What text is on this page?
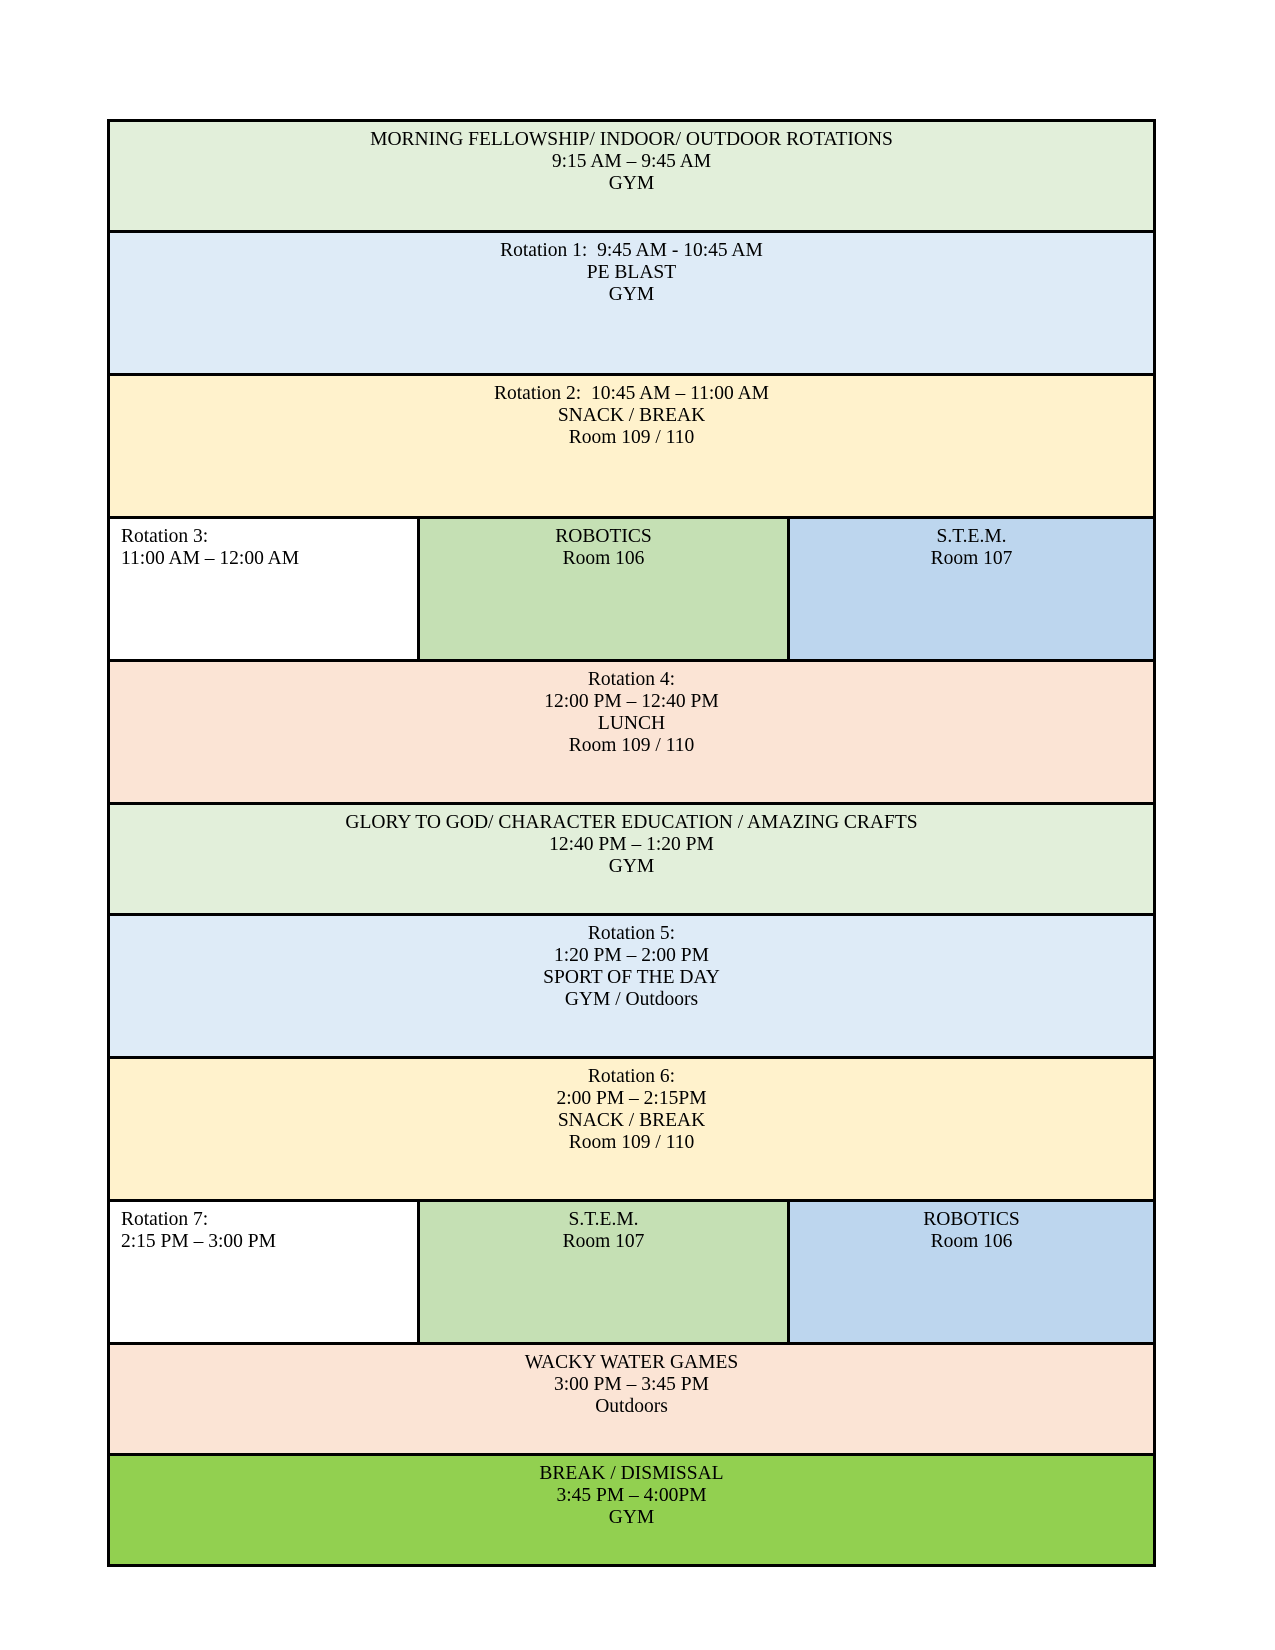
MORNING FELLOWSHIP/ INDOOR/ OUTDOOR ROTATIONS
9:15 AM – 9:45 AM
GYM
Rotation 1:  9:45 AM - 10:45 AM
PE BLAST
GYM
Rotation 2:  10:45 AM – 11:00 AM
SNACK / BREAK
Room 109 / 110
Rotation 3:
11:00 AM – 12:00 AM
ROBOTICS
Room 106
S.T.E.M.
Room 107
Rotation 4:
12:00 PM – 12:40 PM
LUNCH
Room 109 / 110
GLORY TO GOD/ CHARACTER EDUCATION / AMAZING CRAFTS
12:40 PM – 1:20 PM
GYM
Rotation 5:
1:20 PM – 2:00 PM
SPORT OF THE DAY
GYM / Outdoors
Rotation 6:
2:00 PM – 2:15PM
SNACK / BREAK
Room 109 / 110
Rotation 7:
2:15 PM – 3:00 PM
S.T.E.M.
Room 107
ROBOTICS
Room 106
WACKY WATER GAMES
3:00 PM – 3:45 PM
Outdoors
BREAK / DISMISSAL
3:45 PM – 4:00PM
GYM
